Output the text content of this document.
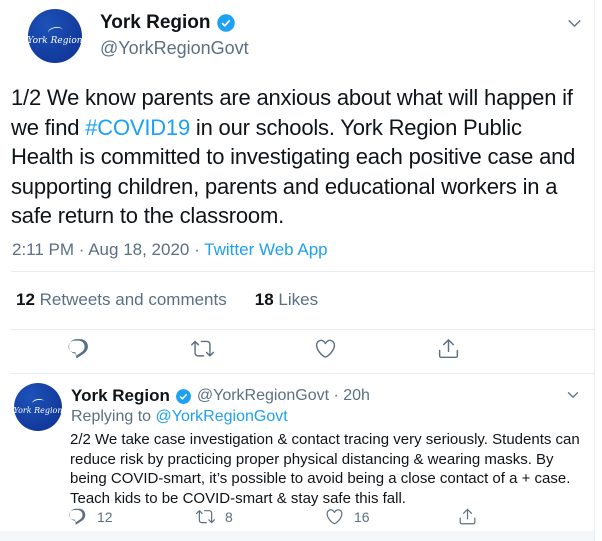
York Region
York Region
@YorkRegionGovt
1/2 We know parents are anxious about what will happen if we find #COVID19 in our schools. York Region Public Health is committed to investigating each positive case and supporting children, parents and educational workers in a safe return to the classroom.
2:11 PM · Aug 18, 2020 · Twitter Web App
12 Retweets and comments 18 Likes
York Region
York Region @YorkRegionGovt · 20h
Replying to @YorkRegionGovt
2/2 We take case investigation & contact tracing very seriously. Students can reduce risk by practicing proper physical distancing & wearing masks. By being COVID-smart, it’s possible to avoid being a close contact of a + case. Teach kids to be COVID-smart & stay safe this fall.
12	8	16
